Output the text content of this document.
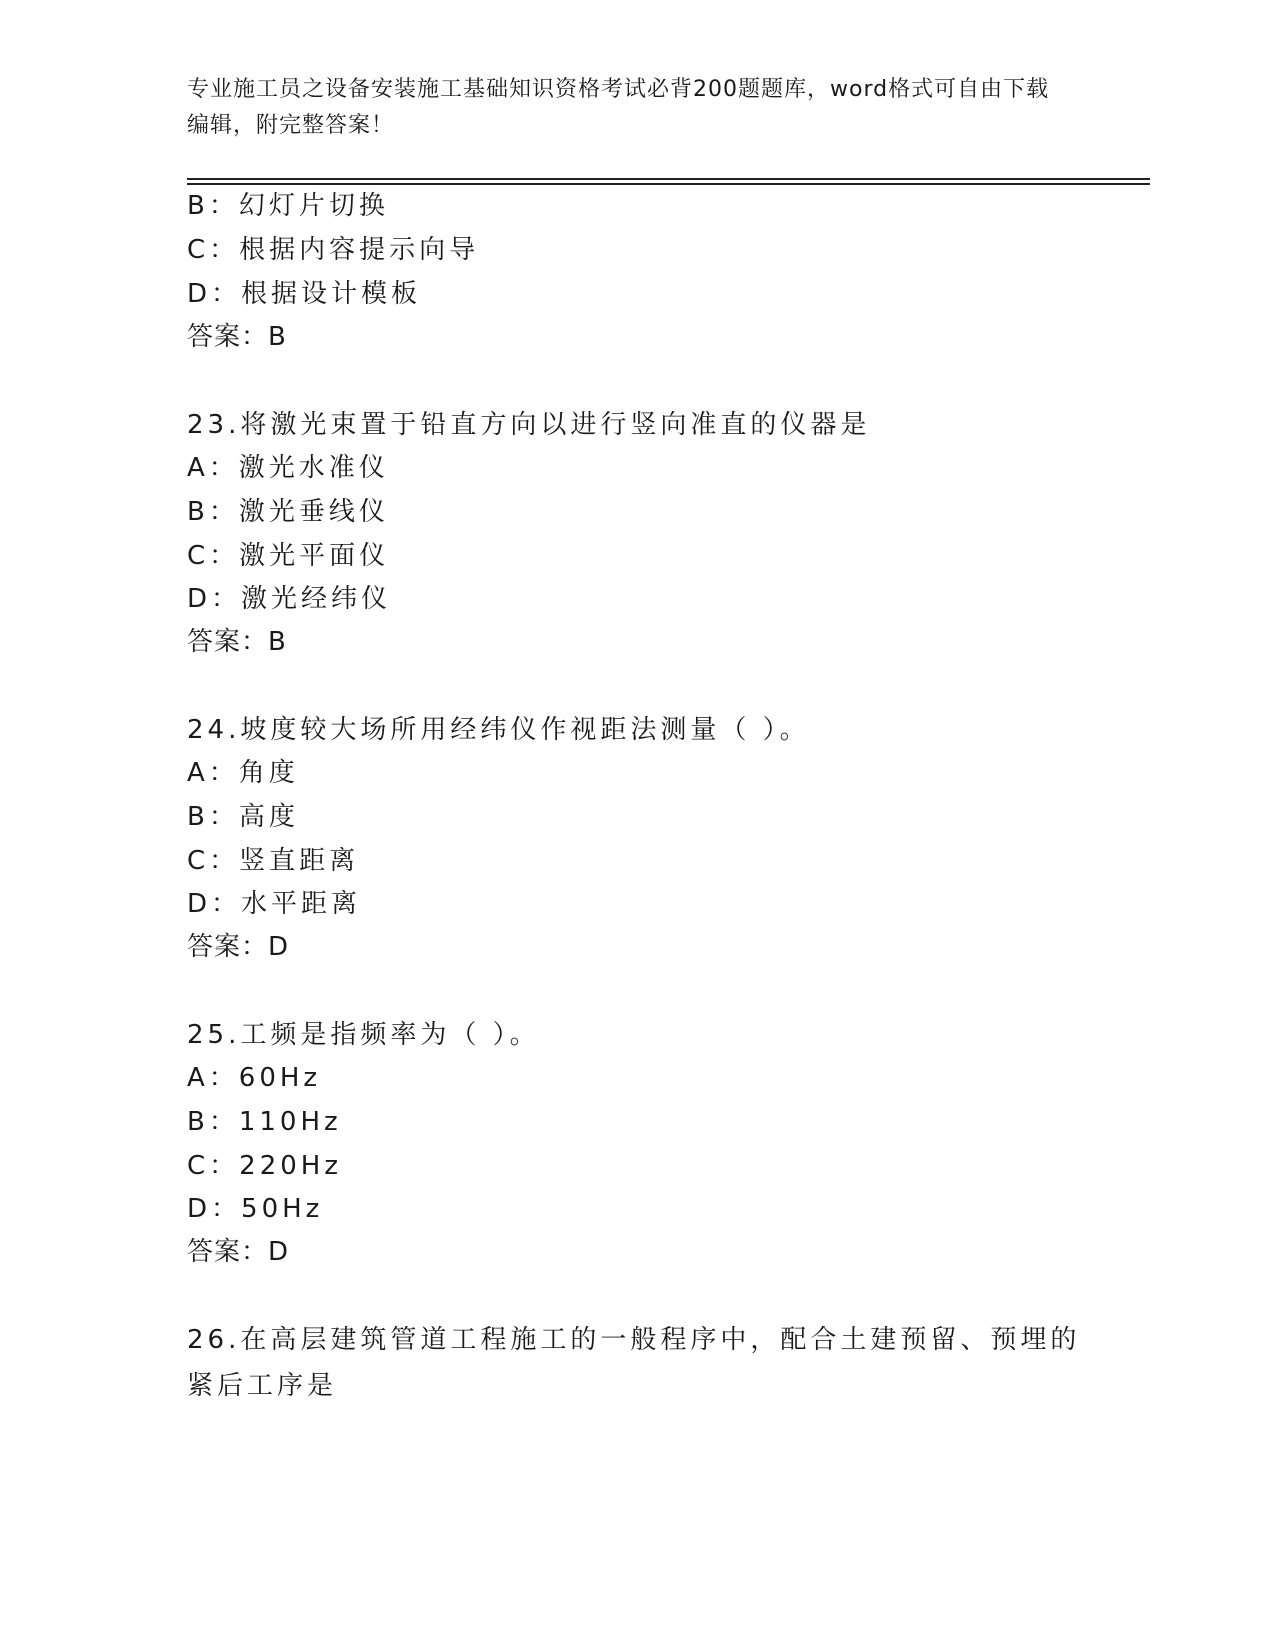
专业施工员之设备安装施工基础知识资格考试必背200题题库，word格式可自由下载编辑，附完整答案！
B：幻灯片切换
C：根据内容提示向导
D：根据设计模板
答案：B
23.将激光束置于铅直方向以进行竖向准直的仪器是
A：激光水准仪
B：激光垂线仪
C：激光平面仪
D：激光经纬仪
答案：B
24.坡度较大场所用经纬仪作视距法测量（ ）。
A：角度
B：高度
C：竖直距离
D：水平距离
答案：D
25.工频是指频率为（ ）。
A：60Hz
B：110Hz
C：220Hz
D：50Hz
答案：D
26.在高层建筑管道工程施工的一般程序中，配合土建预留、预埋的紧后工序是
